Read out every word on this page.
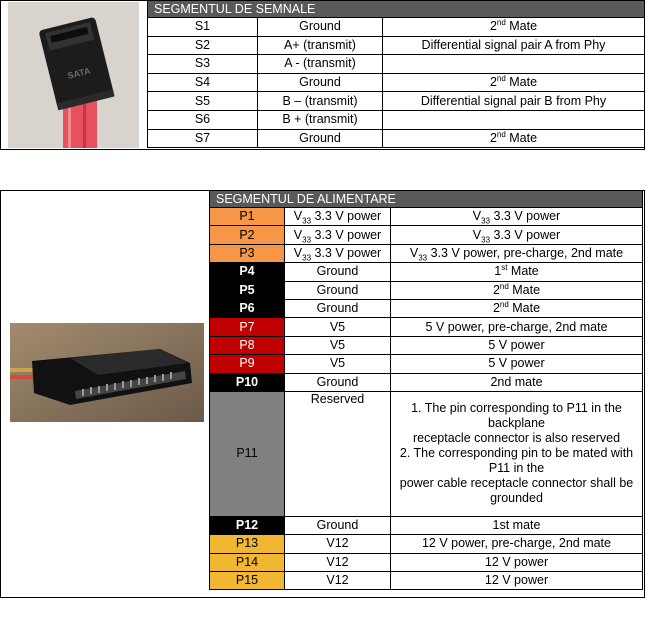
SATA
SEGMENTUL DE SEMNALE		
S1	Ground	2nd Mate
S2	A+ (transmit)	Differential signal pair A from Phy
S3	A - (transmit)	
S4	Ground	2nd Mate
S5	B – (transmit)	Differential signal pair B from Phy
S6	B + (transmit)	
S7	Ground	2nd Mate
SEGMENTUL DE ALIMENTARE		
P1	$V_{33}$ 3.3 V power	$V_{33}$ 3.3 V power
P2	$V_{33}$ 3.3 V power	$V_{33}$ 3.3 V power
P3	$V_{33}$ 3.3 V power	$V_{33}$ 3.3 V power, pre-charge, 2nd mate
P4	Ground	1st Mate
P5	Ground	2nd Mate
P6	Ground	2nd Mate
P7	V5	5 V power, pre-charge, 2nd mate
P8	V5	5 V power
P9	V5	5 V power
P10	Ground	2nd mate
P11	Reserved	1. The pin corresponding to P11 in the backplane
receptacle connector is also reserved
2. The corresponding pin to be mated with P11 in the
power cable receptacle connector shall be grounded

P12	Ground	1st mate
P13	V12	12 V power, pre-charge, 2nd mate
P14	V12	12 V power
P15	V12	12 V power
